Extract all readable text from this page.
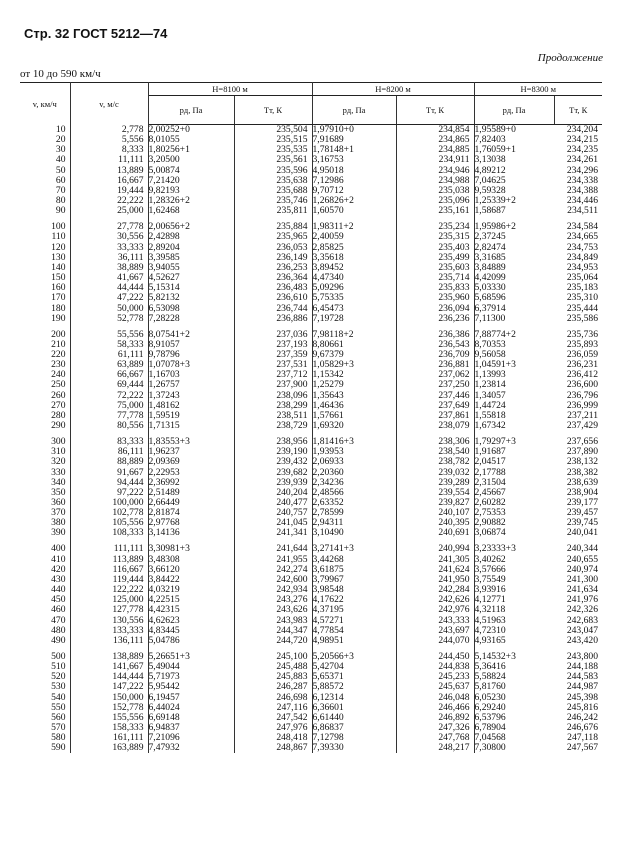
Стр. 32 ГОСТ 5212—74
Продолжение
от 10 до 590 км/ч
v, км/ч	v, м/с	H=8100 м		H=8200 м		H=8300 м	
		pд, Па	Tт, К	pд, Па	Tт, К	pд, Па	Tт, К
10	2,778	2,00252+0	235,504	1,97910+0	234,854	1,95589+0	234,204
20	5,556	8,01055	235,515	7,91689	234,865	7,82403	234,215
30	8,333	1,80256+1	235,535	1,78148+1	234,885	1,76059+1	234,235
40	11,111	3,20500	235,561	3,16753	234,911	3,13038	234,261
50	13,889	5,00874	235,596	4,95018	234,946	4,89212	234,296
60	16,667	7,21420	235,638	7,12986	234,988	7,04625	234,338
70	19,444	9,82193	235,688	9,70712	235,038	9,59328	234,388
80	22,222	1,28326+2	235,746	1,26826+2	235,096	1,25339+2	234,446
90	25,000	1,62468	235,811	1,60570	235,161	1,58687	234,511
100	27,778	2,00656+2	235,884	1,98311+2	235,234	1,95986+2	234,584
110	30,556	2,42898	235,965	2,40059	235,315	2,37245	234,665
120	33,333	2,89204	236,053	2,85825	235,403	2,82474	234,753
130	36,111	3,39585	236,149	3,35618	235,499	3,31685	234,849
140	38,889	3,94055	236,253	3,89452	235,603	3,84889	234,953
150	41,667	4,52627	236,364	4,47340	235,714	4,42099	235,064
160	44,444	5,15314	236,483	5,09296	235,833	5,03330	235,183
170	47,222	5,82132	236,610	5,75335	235,960	5,68596	235,310
180	50,000	6,53098	236,744	6,45473	236,094	6,37914	235,444
190	52,778	7,28228	236,886	7,19728	236,236	7,11300	235,586
200	55,556	8,07541+2	237,036	7,98118+2	236,386	7,88774+2	235,736
210	58,333	8,91057	237,193	8,80661	236,543	8,70353	235,893
220	61,111	9,78796	237,359	9,67379	236,709	9,56058	236,059
230	63,889	1,07078+3	237,531	1,05829+3	236,881	1,04591+3	236,231
240	66,667	1,16703	237,712	1,15342	237,062	1,13993	236,412
250	69,444	1,26757	237,900	1,25279	237,250	1,23814	236,600
260	72,222	1,37243	238,096	1,35643	237,446	1,34057	236,796
270	75,000	1,48162	238,299	1,46436	237,649	1,44724	236,999
280	77,778	1,59519	238,511	1,57661	237,861	1,55818	237,211
290	80,556	1,71315	238,729	1,69320	238,079	1,67342	237,429
300	83,333	1,83553+3	238,956	1,81416+3	238,306	1,79297+3	237,656
310	86,111	1,96237	239,190	1,93953	238,540	1,91687	237,890
320	88,889	2,09369	239,432	2,06933	238,782	2,04517	238,132
330	91,667	2,22953	239,682	2,20360	239,032	2,17788	238,382
340	94,444	2,36992	239,939	2,34236	239,289	2,31504	238,639
350	97,222	2,51489	240,204	2,48566	239,554	2,45667	238,904
360	100,000	2,66449	240,477	2,63352	239,827	2,60282	239,177
370	102,778	2,81874	240,757	2,78599	240,107	2,75353	239,457
380	105,556	2,97768	241,045	2,94311	240,395	2,90882	239,745
390	108,333	3,14136	241,341	3,10490	240,691	3,06874	240,041
400	111,111	3,30981+3	241,644	3,27141+3	240,994	3,23333+3	240,344
410	113,889	3,48308	241,955	3,44268	241,305	3,40262	240,655
420	116,667	3,66120	242,274	3,61875	241,624	3,57666	240,974
430	119,444	3,84422	242,600	3,79967	241,950	3,75549	241,300
440	122,222	4,03219	242,934	3,98548	242,284	3,93916	241,634
450	125,000	4,22515	243,276	4,17622	242,626	4,12771	241,976
460	127,778	4,42315	243,626	4,37195	242,976	4,32118	242,326
470	130,556	4,62623	243,983	4,57271	243,333	4,51963	242,683
480	133,333	4,83445	244,347	4,77854	243,697	4,72310	243,047
490	136,111	5,04786	244,720	4,98951	244,070	4,93165	243,420
500	138,889	5,26651+3	245,100	5,20566+3	244,450	5,14532+3	243,800
510	141,667	5,49044	245,488	5,42704	244,838	5,36416	244,188
520	144,444	5,71973	245,883	5,65371	245,233	5,58824	244,583
530	147,222	5,95442	246,287	5,88572	245,637	5,81760	244,987
540	150,000	6,19457	246,698	6,12314	246,048	6,05230	245,398
550	152,778	6,44024	247,116	6,36601	246,466	6,29240	245,816
560	155,556	6,69148	247,542	6,61440	246,892	6,53796	246,242
570	158,333	6,94837	247,976	6,86837	247,326	6,78904	246,676
580	161,111	7,21096	248,418	7,12798	247,768	7,04568	247,118
590	163,889	7,47932	248,867	7,39330	248,217	7,30800	247,567
